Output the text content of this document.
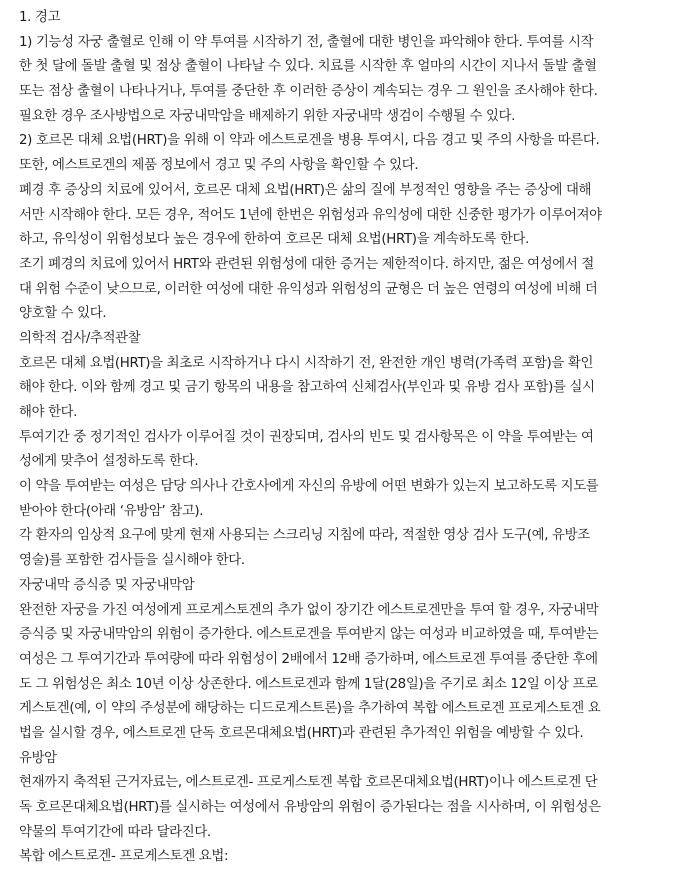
1. 경고
1) 기능성 자궁 출혈로 인해 이 약 투여를 시작하기 전, 출혈에 대한 병인을 파악해야 한다. 투여를 시작
한 첫 달에 돌발 출혈 및 점상 출혈이 나타날 수 있다. 치료를 시작한 후 얼마의 시간이 지나서 돌발 출혈
또는 점상 출혈이 나타나거나, 투여를 중단한 후 이러한 증상이 계속되는 경우 그 원인을 조사해야 한다.
필요한 경우 조사방법으로 자궁내막암을 배제하기 위한 자궁내막 생검이 수행될 수 있다.
2) 호르몬 대체 요법(HRT)을 위해 이 약과 에스트로겐을 병용 투여시, 다음 경고 및 주의 사항을 따른다.
또한, 에스트로겐의 제품 정보에서 경고 및 주의 사항을 확인할 수 있다.
폐경 후 증상의 치료에 있어서, 호르몬 대체 요법(HRT)은 삶의 질에 부정적인 영향을 주는 증상에 대해
서만 시작해야 한다. 모든 경우, 적어도 1년에 한번은 위험성과 유익성에 대한 신중한 평가가 이루어져야
하고, 유익성이 위험성보다 높은 경우에 한하여 호르몬 대체 요법(HRT)을 계속하도록 한다.
조기 폐경의 치료에 있어서 HRT와 관련된 위험성에 대한 증거는 제한적이다. 하지만, 젊은 여성에서 절
대 위험 수준이 낮으므로, 이러한 여성에 대한 유익성과 위험성의 균형은 더 높은 연령의 여성에 비해 더
양호할 수 있다.
의학적 검사/추적관찰
호르몬 대체 요법(HRT)을 최초로 시작하거나 다시 시작하기 전, 완전한 개인 병력(가족력 포함)을 확인
해야 한다. 이와 함께 경고 및 금기 항목의 내용을 참고하여 신체검사(부인과 및 유방 검사 포함)를 실시
해야 한다.
투여기간 중 정기적인 검사가 이루어질 것이 권장되며, 검사의 빈도 및 검사항목은 이 약을 투여받는 여
성에게 맞추어 설정하도록 한다.
이 약을 투여받는 여성은 담당 의사나 간호사에게 자신의 유방에 어떤 변화가 있는지 보고하도록 지도를
받아야 한다(아래 ‘유방암’ 참고).
각 환자의 임상적 요구에 맞게 현재 사용되는 스크리닝 지침에 따라, 적절한 영상 검사 도구(예, 유방조
영술)를 포함한 검사들을 실시해야 한다.
자궁내막 증식증 및 자궁내막암
완전한 자궁을 가진 여성에게 프로게스토겐의 추가 없이 장기간 에스트로겐만을 투여 할 경우, 자궁내막
증식증 및 자궁내막암의 위험이 증가한다. 에스트로겐을 투여받지 않는 여성과 비교하였을 때, 투여받는
여성은 그 투여기간과 투여량에 따라 위험성이 2배에서 12배 증가하며, 에스트로겐 투여를 중단한 후에
도 그 위험성은 최소 10년 이상 상존한다. 에스트로겐과 함께 1달(28일)을 주기로 최소 12일 이상 프로
게스토겐(예, 이 약의 주성분에 해당하는 디드로게스트론)을 추가하여 복합 에스트로겐 프로게스토겐 요
법을 실시할 경우, 에스트로겐 단독 호르몬대체요법(HRT)과 관련된 추가적인 위험을 예방할 수 있다.
유방암
현재까지 축적된 근거자료는, 에스트로겐- 프로게스토겐 복합 호르몬대체요법(HRT)이나 에스트로겐 단
독 호르몬대체요법(HRT)를 실시하는 여성에서 유방암의 위험이 증가된다는 점을 시사하며, 이 위험성은
약물의 투여기간에 따라 달라진다.
복합 에스트로겐- 프로게스토겐 요법:
